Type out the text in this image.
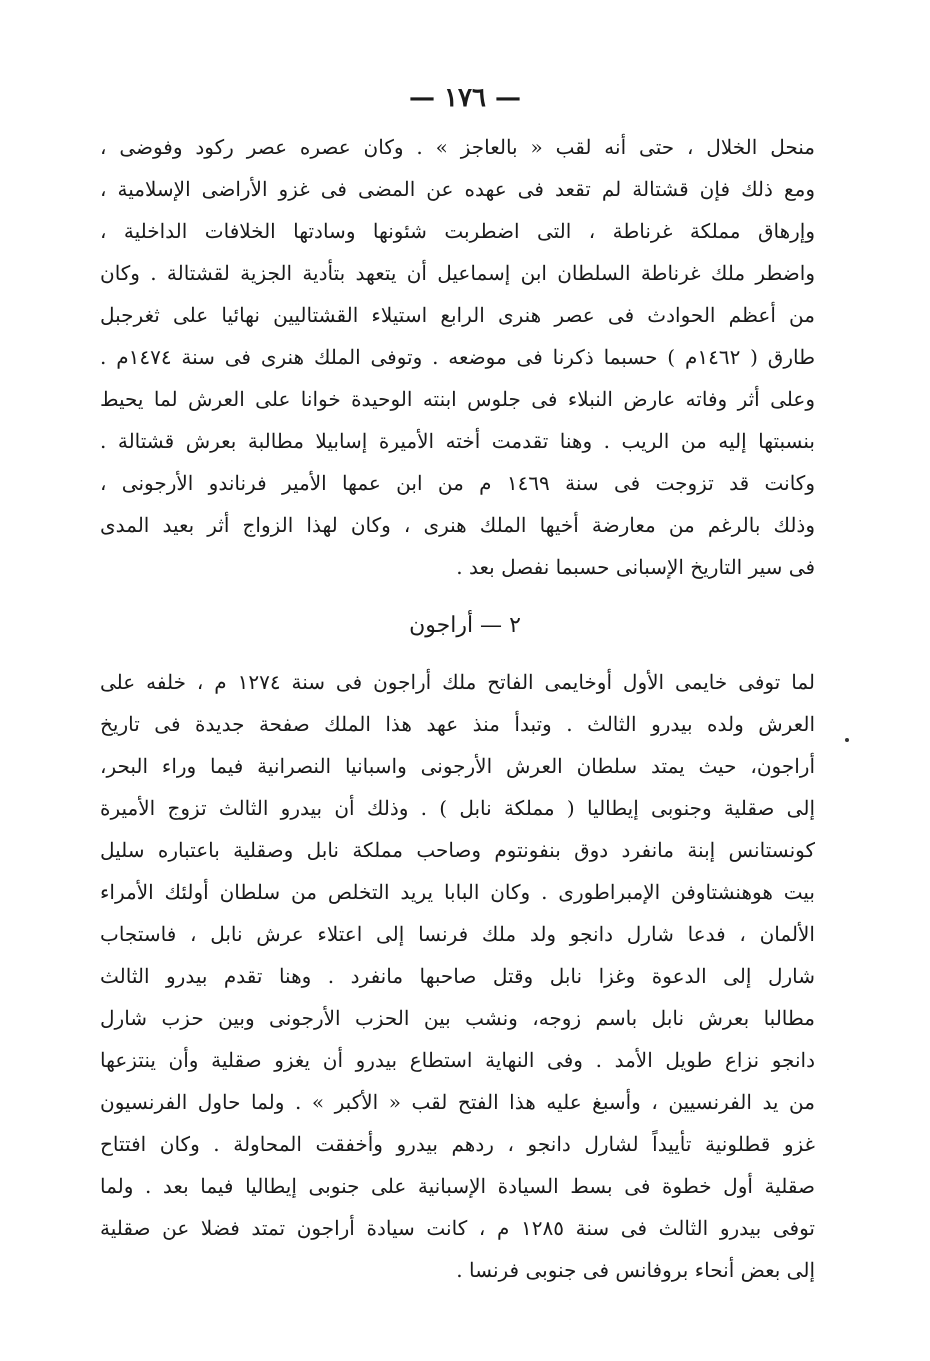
— ١٧٦ —
منحل الخلال ، حتى أنه لقب « بالعاجز » . وكان عصره عصر ركود وفوضى ،
ومع ذلك فإن قشتالة لم تقعد فى عهده عن المضى فى غزو الأراضى الإسلامية ،
وإرهاق مملكة غرناطة ، التى اضطربت شئونها وسادتها الخلافات الداخلية ،
واضطر ملك غرناطة السلطان ابن إسماعيل أن يتعهد بتأدية الجزية لقشتالة . وكان
من أعظم الحوادث فى عصر هنرى الرابع استيلاء القشتاليين نهائيا على ثغرجبل
طارق ( ١٤٦٢م ) حسبما ذكرنا فى موضعه . وتوفى الملك هنرى فى سنة ١٤٧٤م .
وعلى أثر وفاته عارض النبلاء فى جلوس ابنته الوحيدة خوانا على العرش لما يحيط
بنسبتها إليه من الريب . وهنا تقدمت أخته الأميرة إسابيلا مطالبة بعرش قشتالة .
وكانت قد تزوجت فى سنة ١٤٦٩ م من ابن عمها الأمير فرناندو الأرجونى ،
وذلك بالرغم من معارضة أخيها الملك هنرى ، وكان لهذا الزواج أثر بعيد المدى
فى سير التاريخ الإسبانى حسبما نفصل بعد .
٢ — أراجون
لما توفى خايمى الأول أوخايمى الفاتح ملك أراجون فى سنة ١٢٧٤ م ، خلفه على
العرش ولده بيدرو الثالث . وتبدأ منذ عهد هذا الملك صفحة جديدة فى تاريخ
أراجون، حيث يمتد سلطان العرش الأرجونى واسبانيا النصرانية فيما وراء البحر،
إلى صقلية وجنوبى إيطاليا ( مملكة نابل ) . وذلك أن بيدرو الثالث تزوج الأميرة
كونستانس إبنة مانفرد دوق بنفونتوم وصاحب مملكة نابل وصقلية باعتباره سليل
بيت هوهنشتاوفن الإمبراطورى . وكان البابا يريد التخلص من سلطان أولئك الأمراء
الألمان ، فدعا شارل دانجو ولد ملك فرنسا إلى اعتلاء عرش نابل ، فاستجاب
شارل إلى الدعوة وغزا نابل وقتل صاحبها مانفرد . وهنا تقدم بيدرو الثالث
مطالبا بعرش نابل باسم زوجه، ونشب بين الحزب الأرجونى وبين حزب شارل
دانجو نزاع طويل الأمد . وفى النهاية استطاع بيدرو أن يغزو صقلية وأن ينتزعها
من يد الفرنسيين ، وأسبغ عليه هذا الفتح لقب « الأكبر » . ولما حاول الفرنسيون
غزو قطلونية تأييداً لشارل دانجو ، ردهم بيدرو وأخفقت المحاولة . وكان افتتاح
صقلية أول خطوة فى بسط السيادة الإسبانية على جنوبى إيطاليا فيما بعد . ولما
توفى بيدرو الثالث فى سنة ١٢٨٥ م ، كانت سيادة أراجون تمتد فضلا عن صقلية
إلى بعض أنحاء بروفانس فى جنوبى فرنسا .
